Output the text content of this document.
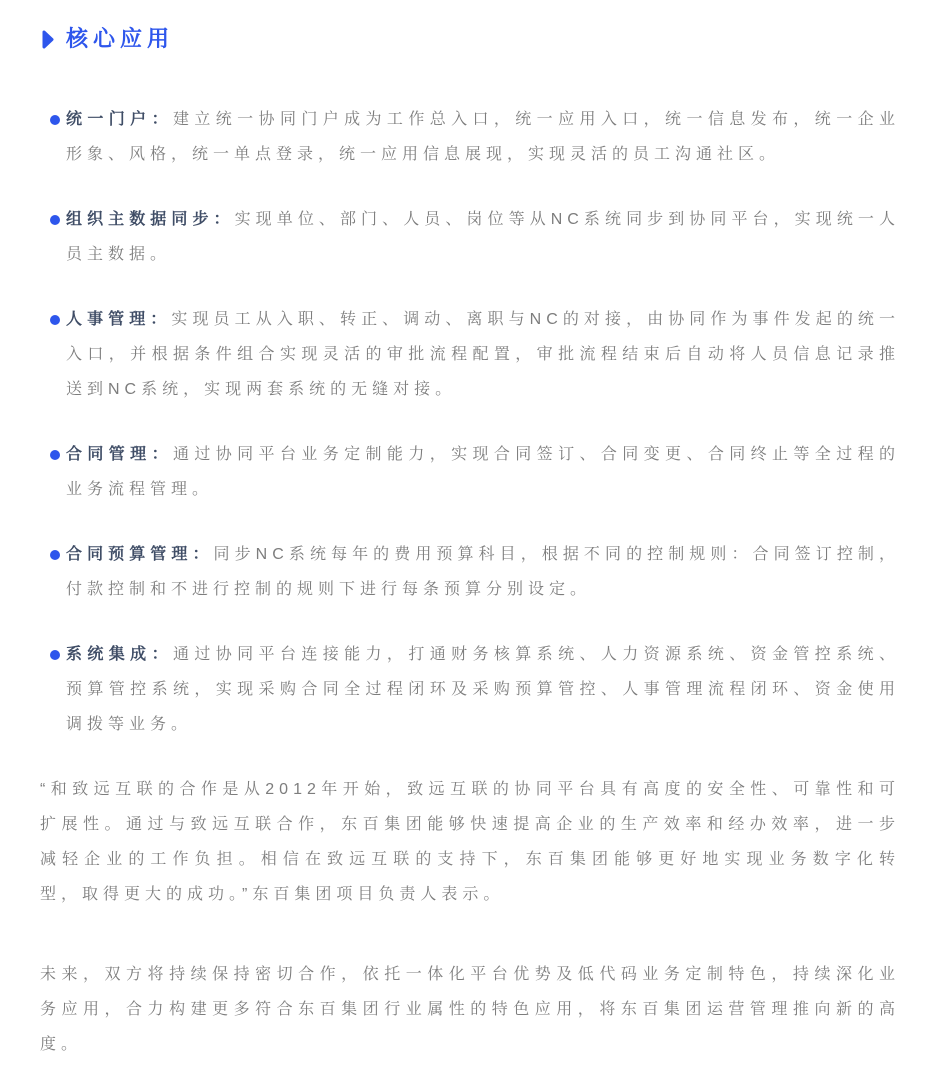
核心应用
统一门户：建立统一协同门户成为工作总入口，统一应用入口，统一信息发布，统一企业形象、风格，统一单点登录，统一应用信息展现，实现灵活的员工沟通社区。
组织主数据同步：实现单位、部门、人员、岗位等从NC系统同步到协同平台，实现统一人员主数据。
人事管理：实现员工从入职、转正、调动、离职与NC的对接，由协同作为事件发起的统一入口，并根据条件组合实现灵活的审批流程配置，审批流程结束后自动将人员信息记录推送到NC系统，实现两套系统的无缝对接。
合同管理：通过协同平台业务定制能力，实现合同签订、合同变更、合同终止等全过程的业务流程管理。
合同预算管理：同步NC系统每年的费用预算科目，根据不同的控制规则：合同签订控制，付款控制和不进行控制的规则下进行每条预算分别设定。
系统集成：通过协同平台连接能力，打通财务核算系统、人力资源系统、资金管控系统、预算管控系统，实现采购合同全过程闭环及采购预算管控、人事管理流程闭环、资金使用调拨等业务。

“和致远互联的合作是从2012年开始，致远互联的协同平台具有高度的安全性、可靠性和可扩展性。通过与致远互联合作，东百集团能够快速提高企业的生产效率和经办效率，进一步减轻企业的工作负担。相信在致远互联的支持下，东百集团能够更好地实现业务数字化转型，取得更大的成功。”东百集团项目负责人表示。

未来，双方将持续保持密切合作，依托一体化平台优势及低代码业务定制特色，持续深化业务应用，合力构建更多符合东百集团行业属性的特色应用，将东百集团运营管理推向新的高度。
